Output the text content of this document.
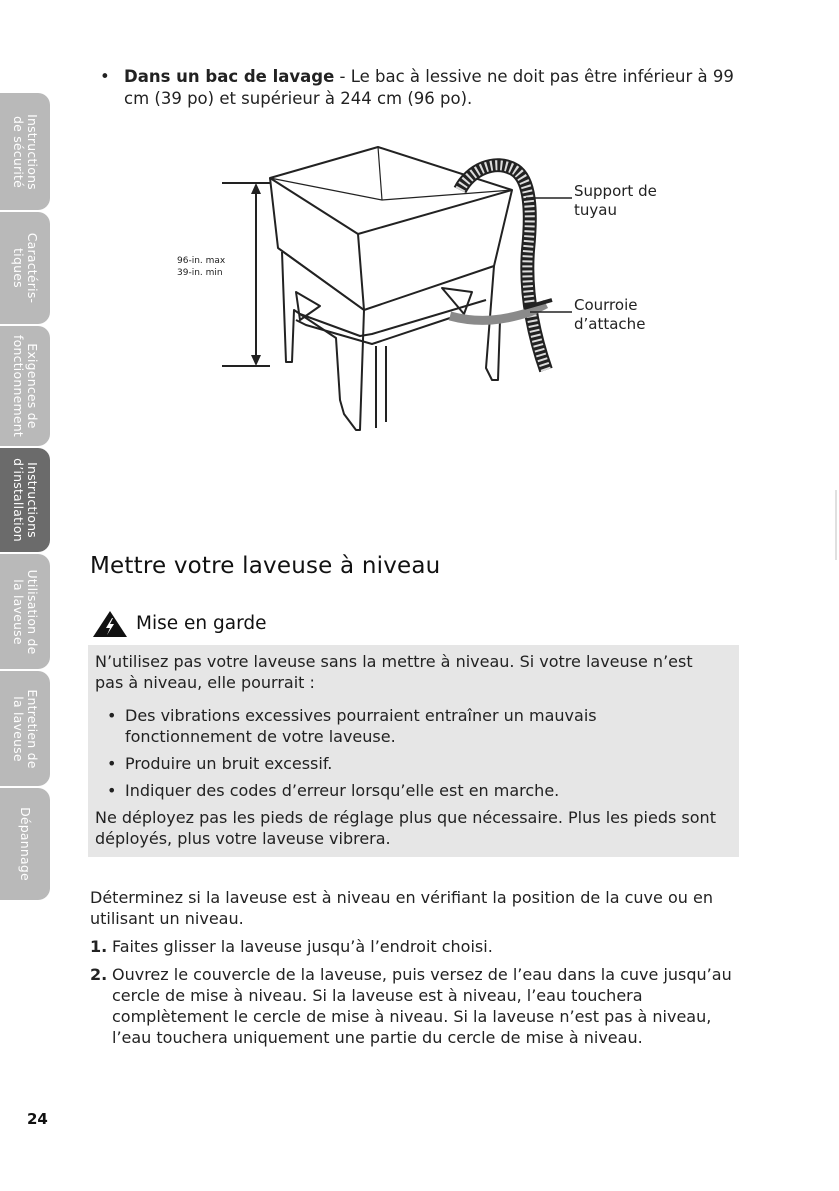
Instructions
de sécurité
Caractéris-
tiques
Exigences de
fonctionnement
Instructions
d’installation
Utilisation de
la laveuse
Entretien de
la laveuse
Dépannage
• Dans un bac de lavage - Le bac à lessive ne doit pas être inférieur à 99 cm (39 po) et supérieur à 244 cm (96 po).
96-in. max
39-in. min
Support de
tuyau
Courroie
d’attache
Mettre votre laveuse à niveau
Mise en garde

N’utilisez pas votre laveuse sans la mettre à niveau. Si votre laveuse n’est pas à niveau, elle pourrait :

• Des vibrations excessives pourraient entraîner un mauvais fonctionnement de votre laveuse.
• Produire un bruit excessif.
• Indiquer des codes d’erreur lorsqu’elle est en marche.

Ne déployez pas les pieds de réglage plus que nécessaire. Plus les pieds sont déployés, plus votre laveuse vibrera.

Déterminez si la laveuse est à niveau en vérifiant la position de la cuve ou en utilisant un niveau.

1. Faites glisser la laveuse jusqu’à l’endroit choisi.
2. Ouvrez le couvercle de la laveuse, puis versez de l’eau dans la cuve jusqu’au cercle de mise à niveau. Si la laveuse est à niveau, l’eau touchera complètement le cercle de mise à niveau. Si la laveuse n’est pas à niveau, l’eau touchera uniquement une partie du cercle de mise à niveau.
24
